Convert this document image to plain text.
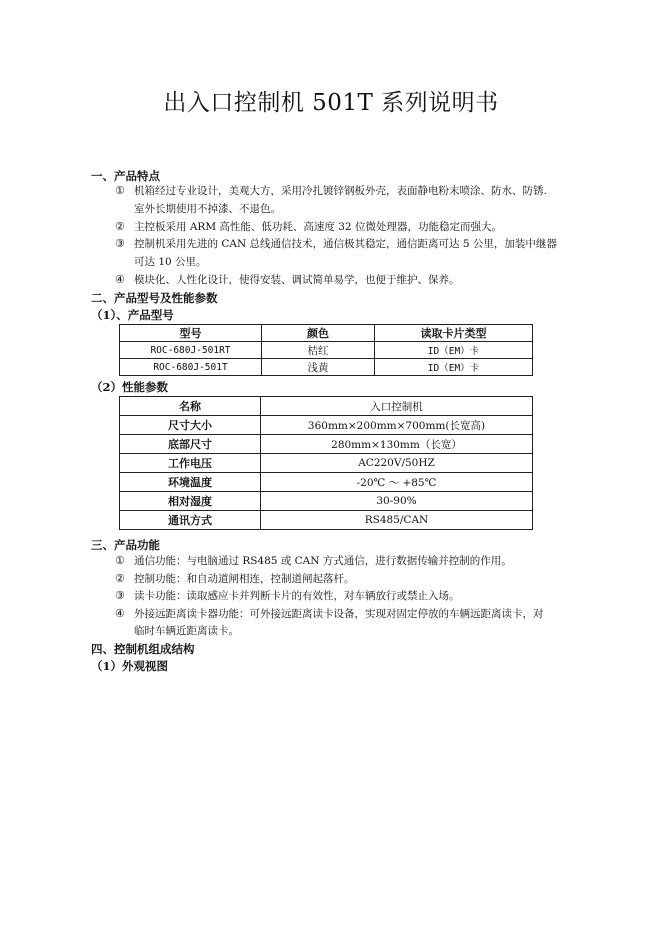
出入口控制机 501T 系列说明书
一、产品特点
① 机箱经过专业设计，美观大方，采用冷扎镀锌钢板外壳，表面静电粉末喷涂、防水、防锈.
室外长期使用不掉漆、不退色。
② 主控板采用 ARM 高性能、低功耗、高速度 32 位微处理器，功能稳定而强大。
③ 控制机采用先进的 CAN 总线通信技术，通信极其稳定，通信距离可达 5 公里，加装中继器
可达 10 公里。
④ 模块化、人性化设计，使得安装、调试简单易学，也便于维护、保养。
二、产品型号及性能参数
（1）、产品型号
型号	颜色	读取卡片类型
ROC-680J-501RT	桔红	ID（EM）卡
ROC-680J-501T	浅黄	ID（EM）卡
（2）性能参数
名称	入口控制机
尺寸大小	360mm×200mm×700mm(长宽高)
底部尺寸	280mm×130mm（长宽）
工作电压	AC220V/50HZ
环境温度	-20℃ ～ +85℃
相对湿度	30-90%
通讯方式	RS485/CAN
三、产品功能
① 通信功能：与电脑通过 RS485 或 CAN 方式通信，进行数据传输并控制的作用。
② 控制功能：和自动道闸相连，控制道闸起落杆。
③ 读卡功能：读取感应卡并判断卡片的有效性，对车辆放行或禁止入场。
④ 外接远距离读卡器功能：可外接远距离读卡设备，实现对固定停放的车辆远距离读卡，对
临时车辆近距离读卡。
四、控制机组成结构
（1）外观视图
